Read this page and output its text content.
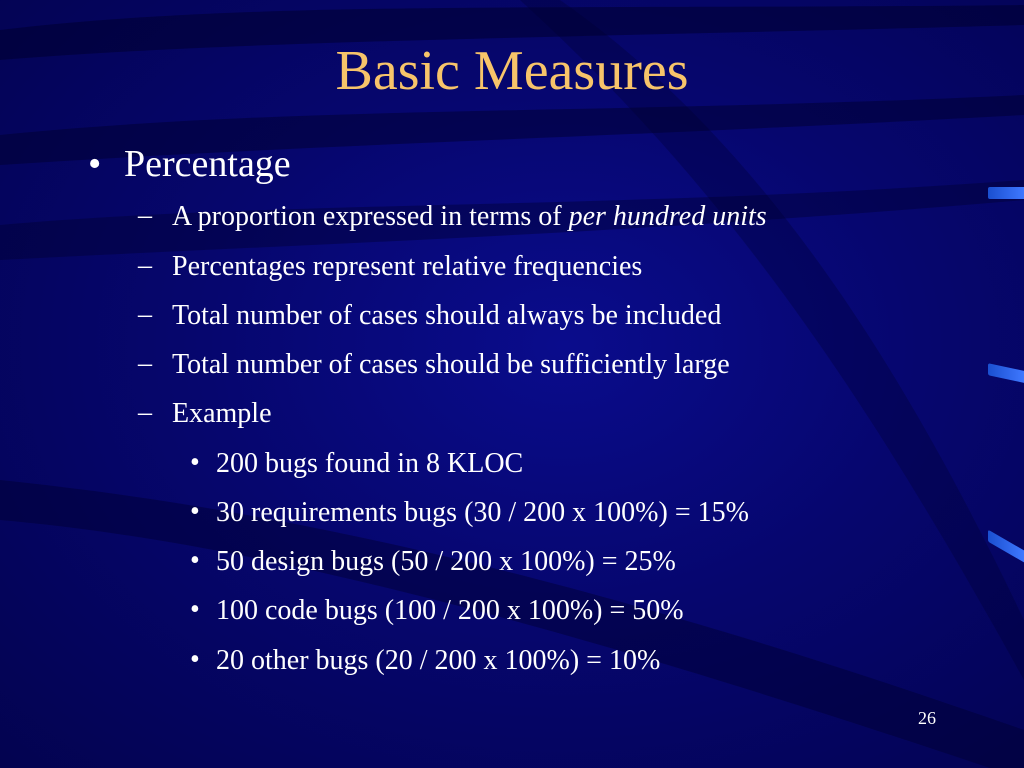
Basic Measures
• Percentage
– A proportion expressed in terms of per hundred units
– Percentages represent relative frequencies
– Total number of cases should always be included
– Total number of cases should be sufficiently large
– Example
• 200 bugs found in 8 KLOC
• 30 requirements bugs (30 / 200 x 100%) = 15%
• 50 design bugs (50 / 200 x 100%) = 25%
• 100 code bugs (100 / 200 x 100%) = 50%
• 20 other bugs (20 / 200 x 100%) = 10%
26
